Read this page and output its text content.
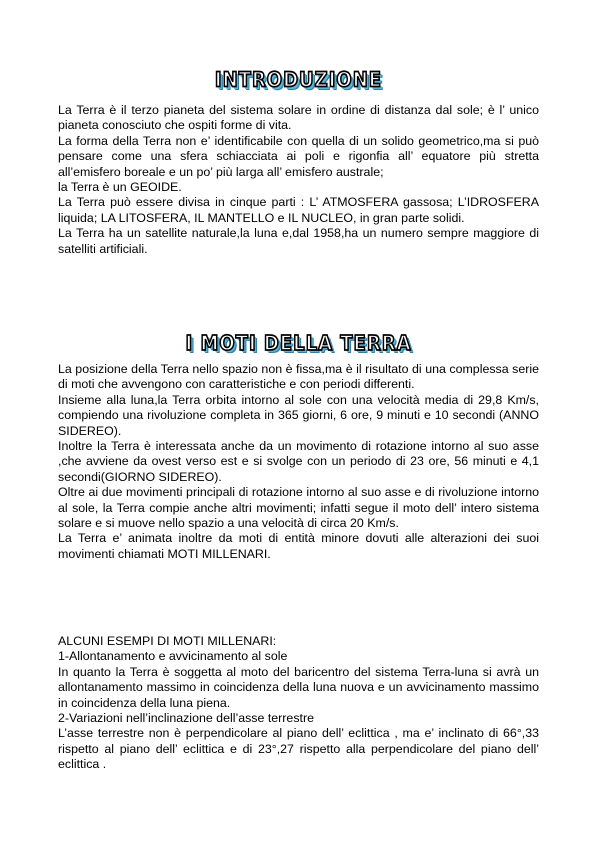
INTRODUZIONE

La Terra è il terzo pianeta del sistema solare in ordine di distanza dal sole; è l’ unico pianeta conosciuto che ospiti forme di vita.

La forma della Terra non e’ identificabile con quella di un solido geometrico,ma si può pensare come una sfera schiacciata ai poli e rigonfia all’ equatore più stretta all’emisfero boreale e un po’ più larga all’ emisfero australe;

la Terra è un GEOIDE.

La Terra può essere divisa in cinque parti : L’ ATMOSFERA gassosa; L’IDROSFERA liquida; LA LITOSFERA, IL MANTELLO e IL NUCLEO, in gran parte solidi.

La Terra ha un satellite naturale,la luna e,dal 1958,ha un numero sempre maggiore di satelliti artificiali.

I MOTI DELLA TERRA

La posizione della Terra nello spazio non è fissa,ma è il risultato di una complessa serie di moti che avvengono con caratteristiche e con periodi differenti.

Insieme alla luna,la Terra orbita intorno al sole con una velocità media di 29,8 Km/s, compiendo una rivoluzione completa in 365 giorni, 6 ore, 9 minuti e 10 secondi (ANNO SIDEREO).

Inoltre la Terra è interessata anche da un movimento di rotazione intorno al suo asse ,che avviene da ovest verso est e si svolge con un periodo di 23 ore, 56 minuti e 4,1 secondi(GIORNO SIDEREO).

Oltre ai due movimenti principali di rotazione intorno al suo asse e di rivoluzione intorno al sole, la Terra compie anche altri movimenti; infatti segue il moto dell’ intero sistema solare e si muove nello spazio a una velocità di circa 20 Km/s.

La Terra e’ animata inoltre da moti di entità minore dovuti alle alterazioni dei suoi movimenti chiamati MOTI MILLENARI.

ALCUNI ESEMPI DI MOTI MILLENARI:

1-Allontanamento e avvicinamento al sole

In quanto la Terra è soggetta al moto del baricentro del sistema Terra-luna si avrà un allontanamento massimo in coincidenza della luna nuova e un avvicinamento massimo in coincidenza della luna piena.

2-Variazioni nell’inclinazione dell’asse terrestre

L’asse terrestre non è perpendicolare al piano dell’ eclittica , ma e’ inclinato di 66°,33 rispetto al piano dell’ eclittica e di 23°,27 rispetto alla perpendicolare del piano dell’ eclittica .
